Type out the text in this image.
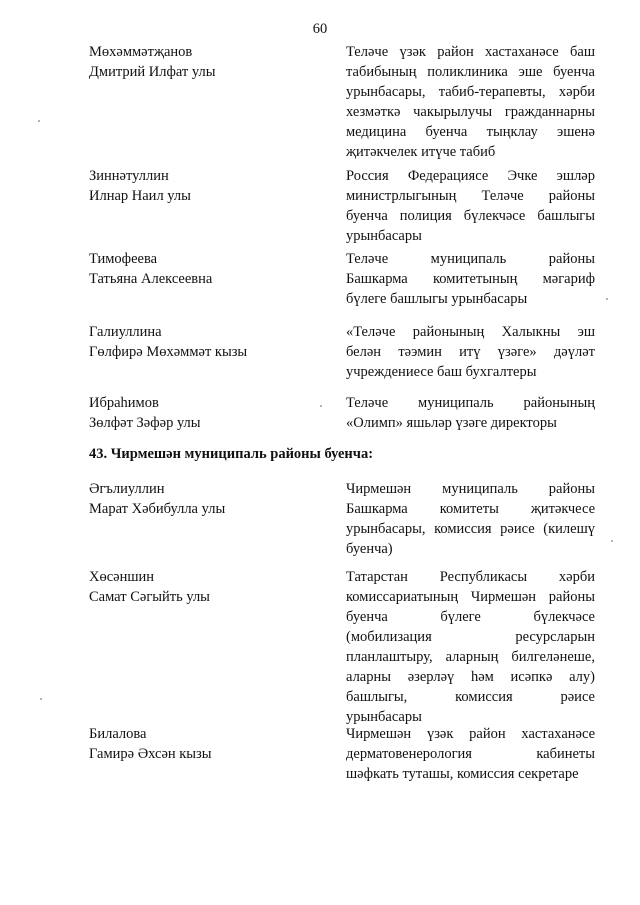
60
Мөхәммәтҗанов
Дмитрий Илфат улы
Теләче үзәк район хастаханәсе баш
табибының поликлиника эше буенча
урынбасары, табиб-терапевты, хәрби
хезмәткә чакырылучы гражданнарны
медицина буенча тыңклау эшенә
җитәкчелек итүче табиб
Зиннәтуллин
Илнар Наил улы
Россия Федерациясе Эчке эшләр
министрлыгының Теләче районы
буенча полиция бүлекчәсе башлыгы
урынбасары
Тимофеева
Татьяна Алексеевна
Теләче муниципаль районы
Башкарма комитетының мәгариф
бүлеге башлыгы урынбасары
Галиуллина
Гөлфирә Мөхәммәт кызы
«Теләче районының Халыкны эш
белән тәэмин итү үзәге» дәүләт
учреждениесе баш бухгалтеры
Ибраһимов
Зөлфәт Зәфәр улы
Теләче муниципаль районының
«Олимп» яшьләр үзәге директоры
43. Чирмешән муниципаль районы буенча:
Әгълиуллин
Марат Хәбибулла улы
Чирмешән муниципаль районы
Башкарма комитеты җитәкчесе
урынбасары, комиссия рәисе (килешү
буенча)
Хөсәншин
Самат Сәгыйть улы
Татарстан Республикасы хәрби
комиссариатының Чирмешән районы
буенча бүлеге бүлекчәсе
(мобилизация ресурсларын
планлаштыру, аларның билгеләнеше,
аларны әзерләү һәм исәпкә алу)
башлыгы, комиссия рәисе
урынбасары
Билалова
Гамирә Әхсән кызы
Чирмешән үзәк район хастаханәсе
дерматовенерология кабинеты
шәфкать туташы, комиссия секретаре
